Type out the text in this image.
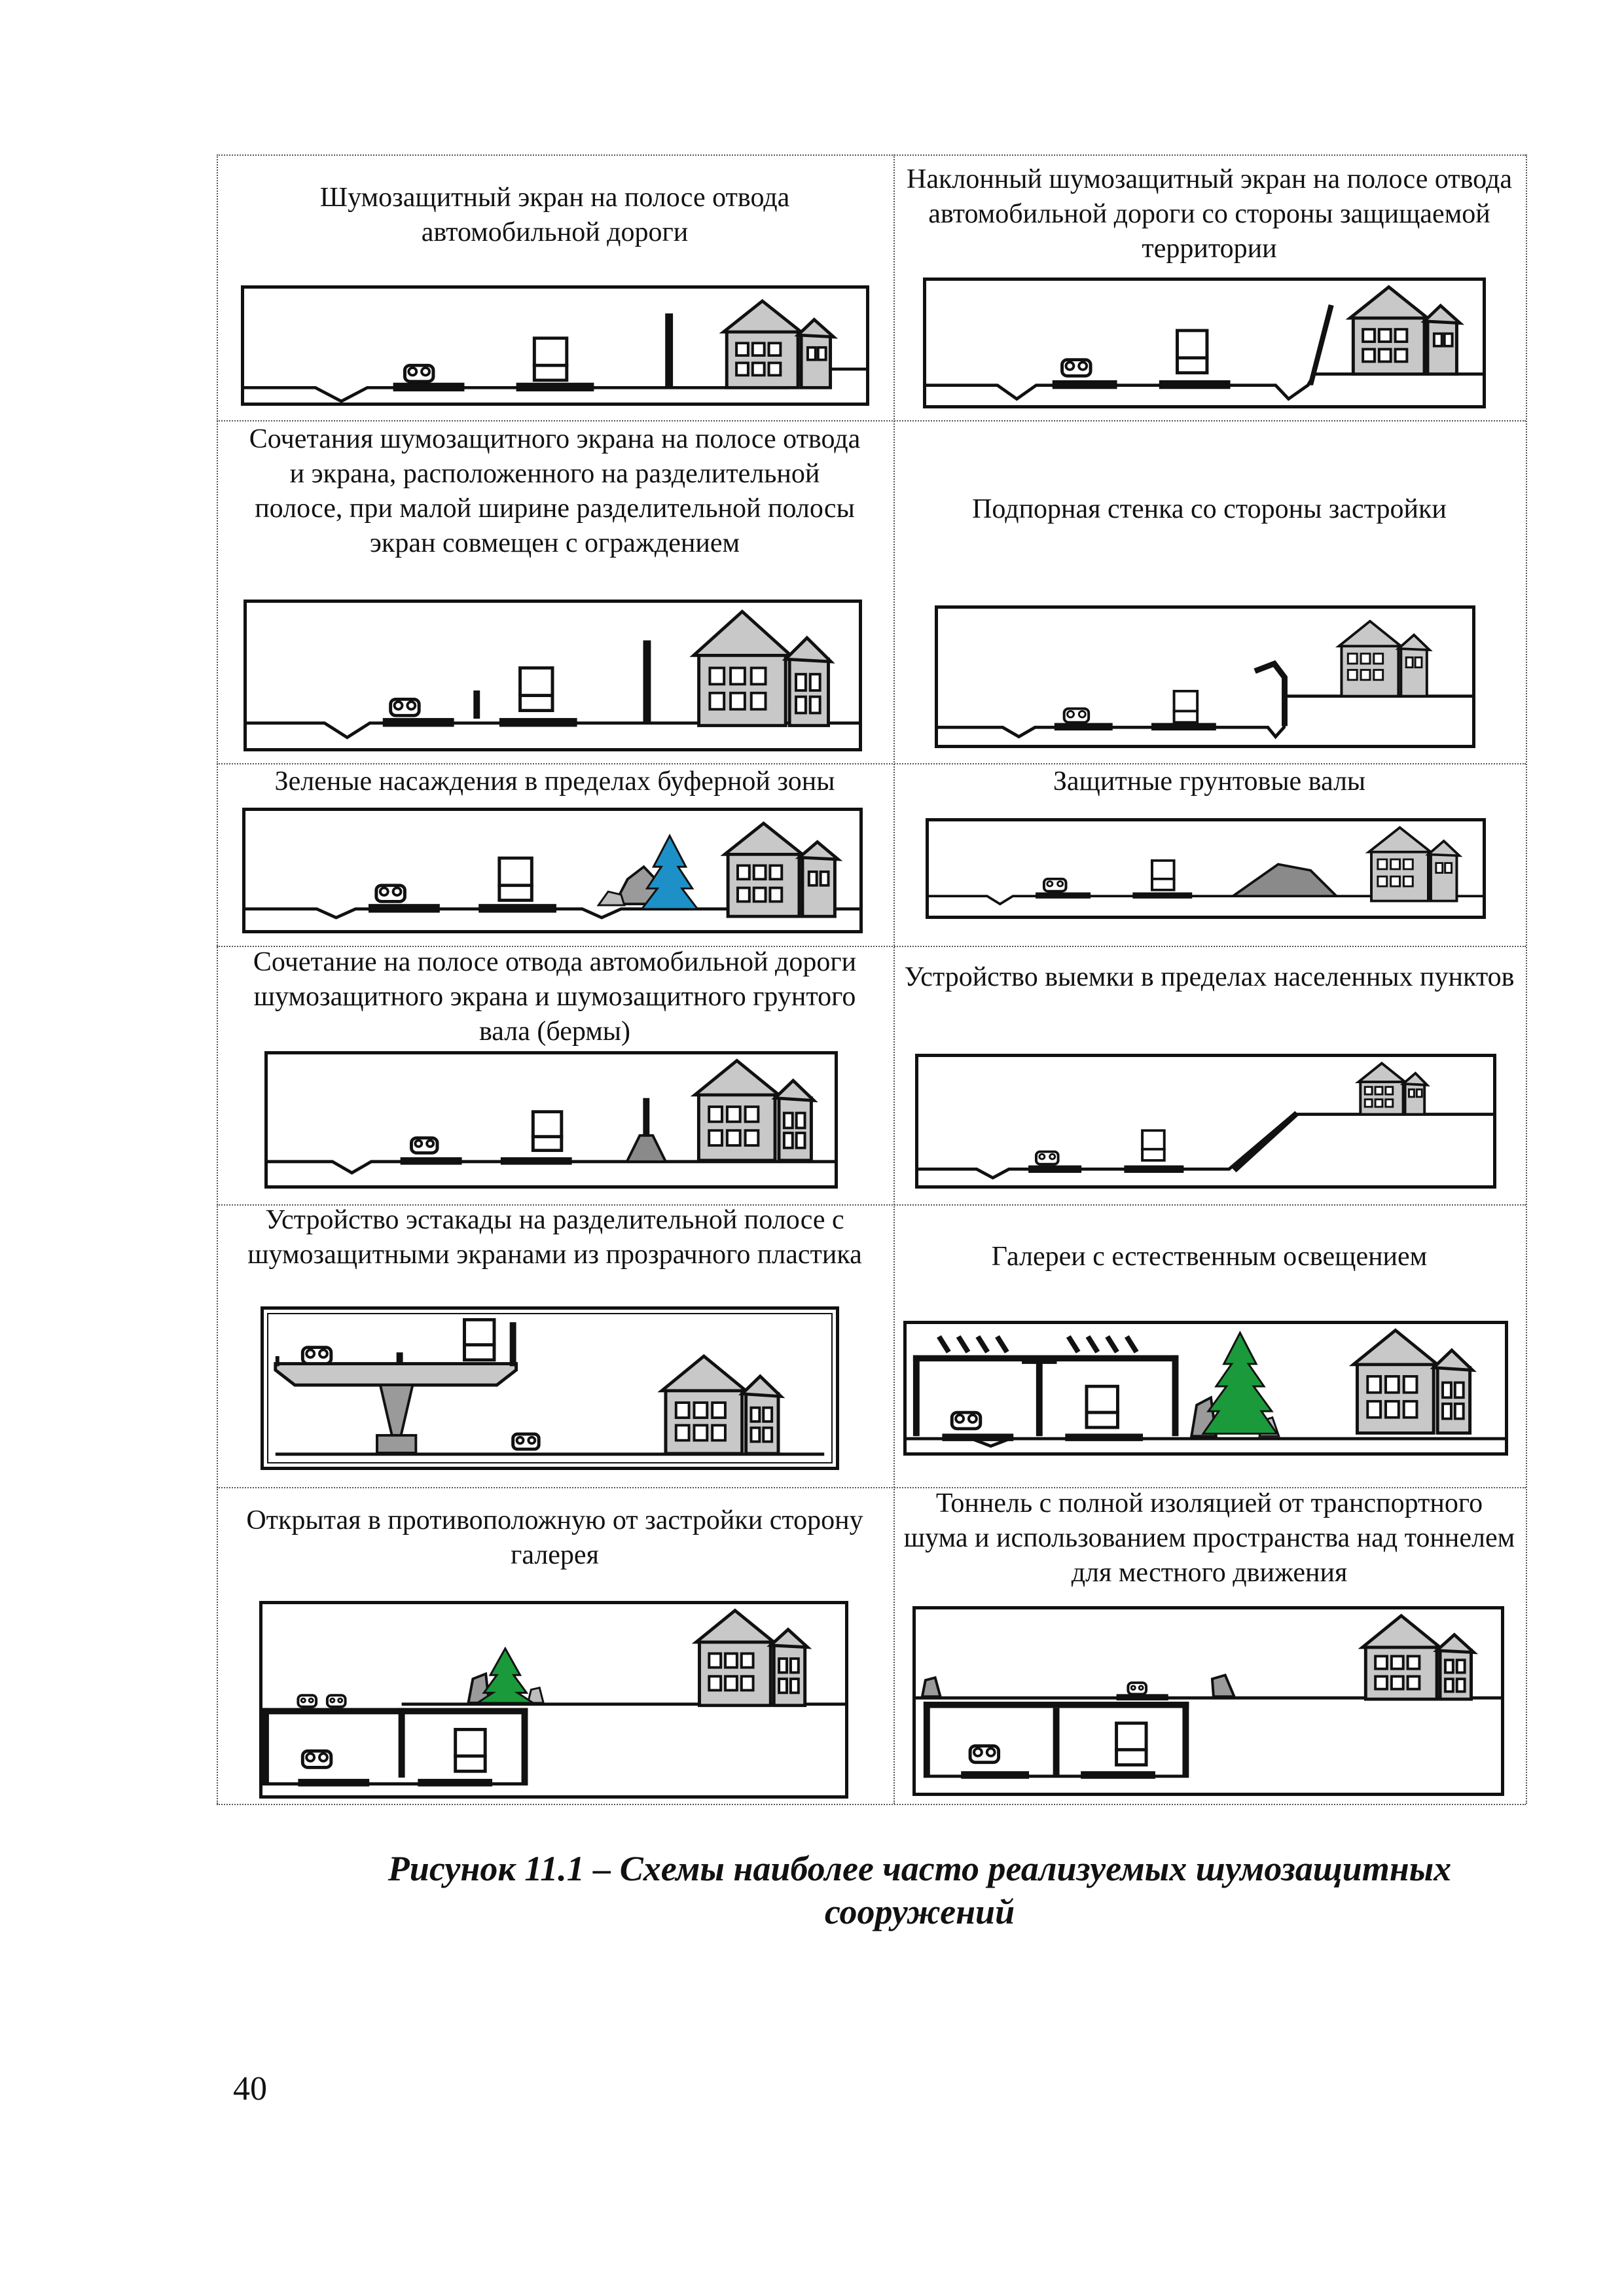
Шумозащитный экран на полосе отвода автомобильной дороги
Наклонный шумозащитный экран на полосе отвода автомобильной дороги со стороны защищаемой территории
Сочетания шумозащитного экрана на полосе отвода и экрана, расположенного на разделительной полосе, при малой ширине разделительной полосы экран совмещен с ограждением
Подпорная стенка со стороны застройки
Зеленые насаждения в пределах буферной зоны	Защитные грунтовые валы
Сочетание на полосе отвода автомобильной дороги шумозащитного экрана и шумозащитного грунтого вала (бермы)
Устройство выемки в пределах населенных пунктов
Устройство эстакады на разделительной полосе с шумозащитными экранами из прозрачного пластика	Галереи с естественным освещением
Открытая в противоположную от застройки сторону галерея
Тоннель с полной изоляцией от транспортного шума и использованием пространства над тоннелем для местного движения
Рисунок 11.1 – Схемы наиболее часто реализуемых шумозащитных сооружений
40
